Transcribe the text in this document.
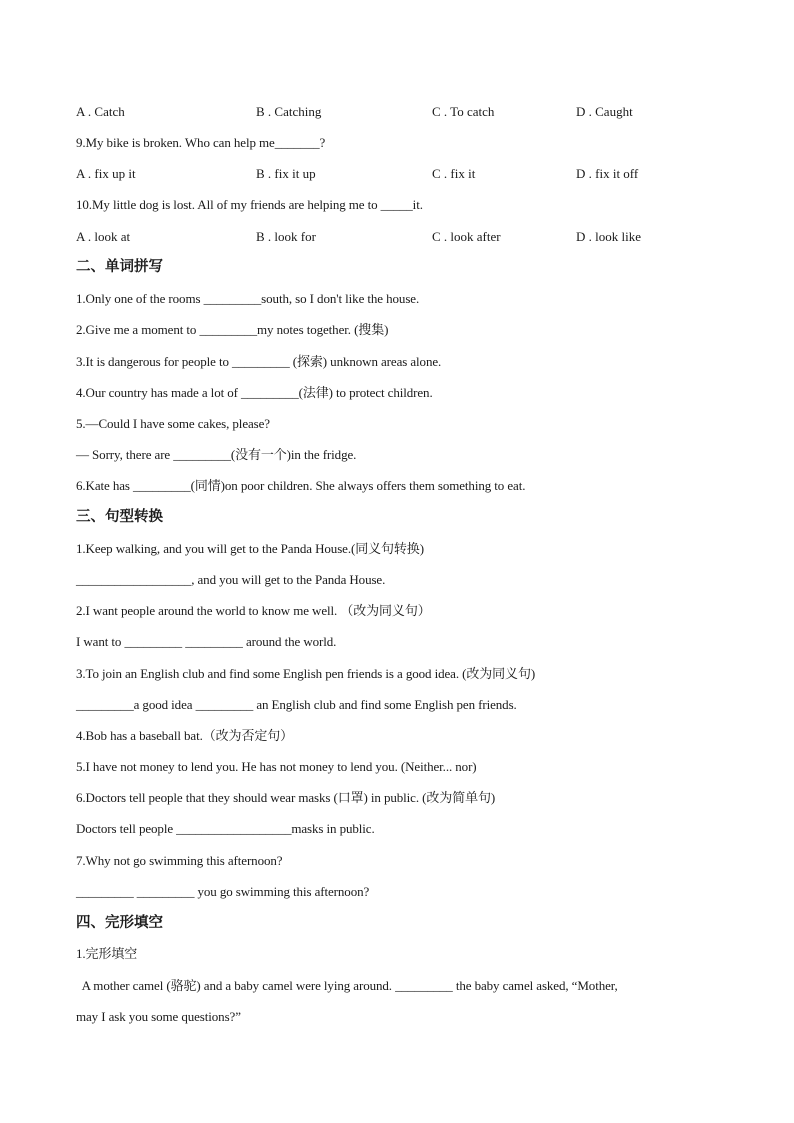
A . Catch	B . Catching	C . To catch	D . Caught
9.My bike is broken. Who can help me_______?
A . fix up it	B . fix it up	C . fix it	D . fix it off
10.My little dog is lost. All of my friends are helping me to _____it.
A . look at	B . look for	C . look after	D . look like
二、单词拼写
1.Only one of the rooms _________south, so I don't like the house.
2.Give me a moment to _________my notes together. (搜集)
3.It is dangerous for people to _________ (探索) unknown areas alone.
4.Our country has made a lot of _________(法律) to protect children.
5.—Could I have some cakes, please?
— Sorry, there are _________(没有一个)in the fridge.
6.Kate has _________(同情)on poor children. She always offers them something to eat.
三、句型转换
1.Keep walking, and you will get to the Panda House.(同义句转换)
__________________, and you will get to the Panda House.
2.I want people around the world to know me well. （改为同义句）
I want to _________ _________ around the world.
3.To join an English club and find some English pen friends is a good idea. (改为同义句)
_________a good idea _________ an English club and find some English pen friends.
4.Bob has a baseball bat.（改为否定句）
5.I have not money to lend you. He has not money to lend you. (Neither... nor)
6.Doctors tell people that they should wear masks (口罩) in public. (改为简单句)
Doctors tell people __________________masks in public.
7.Why not go swimming this afternoon?
_________ _________ you go swimming this afternoon?
四、完形填空
1.完形填空
A mother camel (骆驼) and a baby camel were lying around. _________ the baby camel asked, “Mother,
may I ask you some questions?”
